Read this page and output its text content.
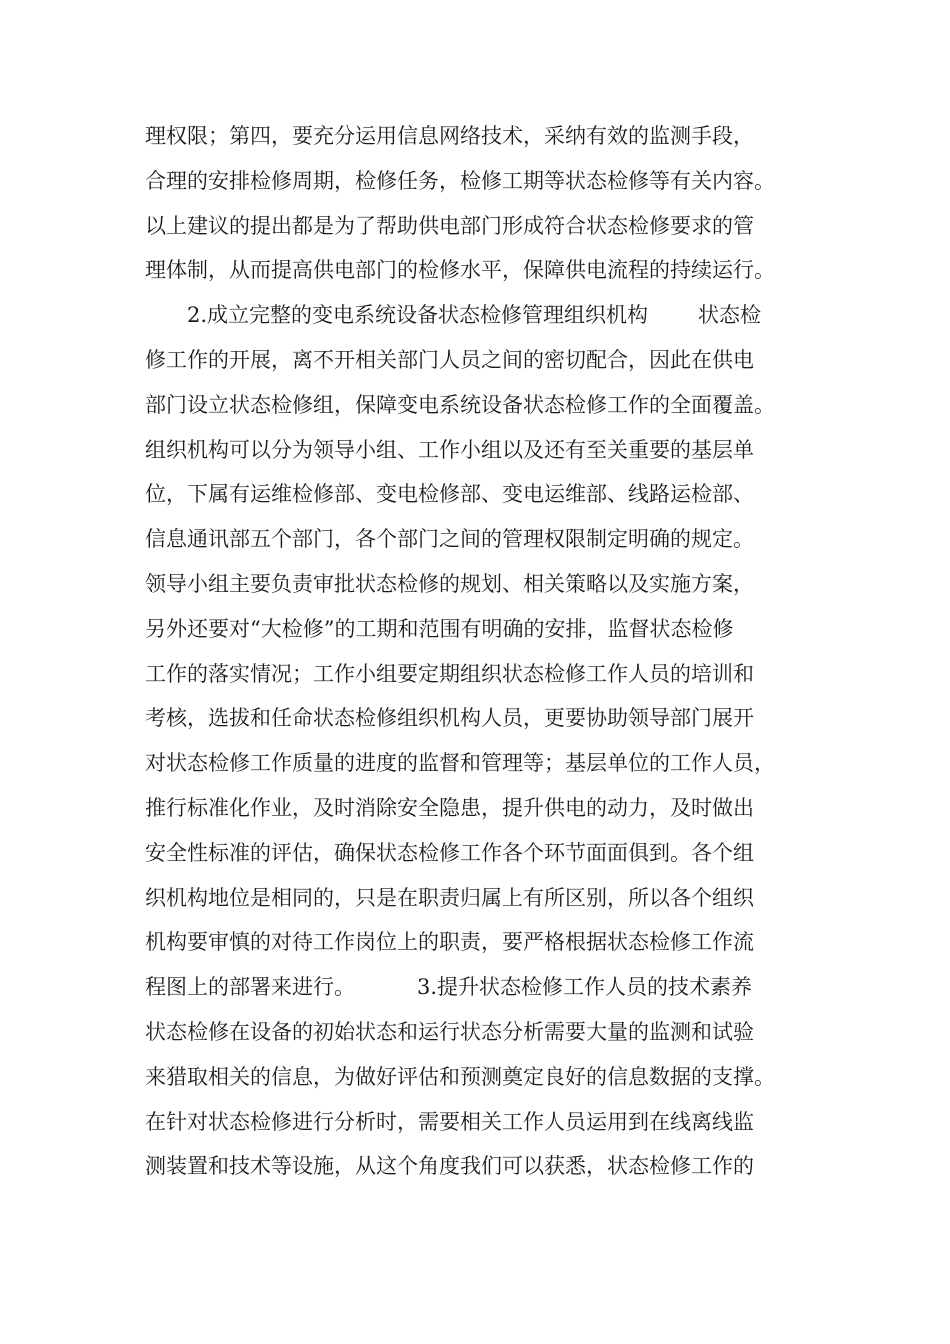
理权限；第四，要充分运用信息网络技术，采纳有效的监测手段，
合理的安排检修周期，检修任务，检修工期等状态检修等有关内容。
以上建议的提出都是为了帮助供电部门形成符合状态检修要求的管
理体制，从而提高供电部门的检修水平，保障供电流程的持续运行。
2.成立完整的变电系统设备状态检修管理组织机构 状态检
修工作的开展，离不开相关部门人员之间的密切配合，因此在供电
部门设立状态检修组，保障变电系统设备状态检修工作的全面覆盖。
组织机构可以分为领导小组、工作小组以及还有至关重要的基层单
位，下属有运维检修部、变电检修部、变电运维部、线路运检部、
信息通讯部五个部门，各个部门之间的管理权限制定明确的规定。
领导小组主要负责审批状态检修的规划、相关策略以及实施方案，
另外还要对“大检修”的工期和范围有明确的安排，监督状态检修
工作的落实情况；工作小组要定期组织状态检修工作人员的培训和
考核，选拔和任命状态检修组织机构人员，更要协助领导部门展开
对状态检修工作质量的进度的监督和管理等；基层单位的工作人员，
推行标准化作业，及时消除安全隐患，提升供电的动力，及时做出
安全性标准的评估，确保状态检修工作各个环节面面俱到。各个组
织机构地位是相同的，只是在职责归属上有所区别，所以各个组织
机构要审慎的对待工作岗位上的职责，要严格根据状态检修工作流
程图上的部署来进行。	3.提升状态检修工作人员的技术素养
状态检修在设备的初始状态和运行状态分析需要大量的监测和试验
来猎取相关的信息，为做好评估和预测奠定良好的信息数据的支撑。
在针对状态检修进行分析时，需要相关工作人员运用到在线离线监
测装置和技术等设施，从这个角度我们可以获悉，状态检修工作的
